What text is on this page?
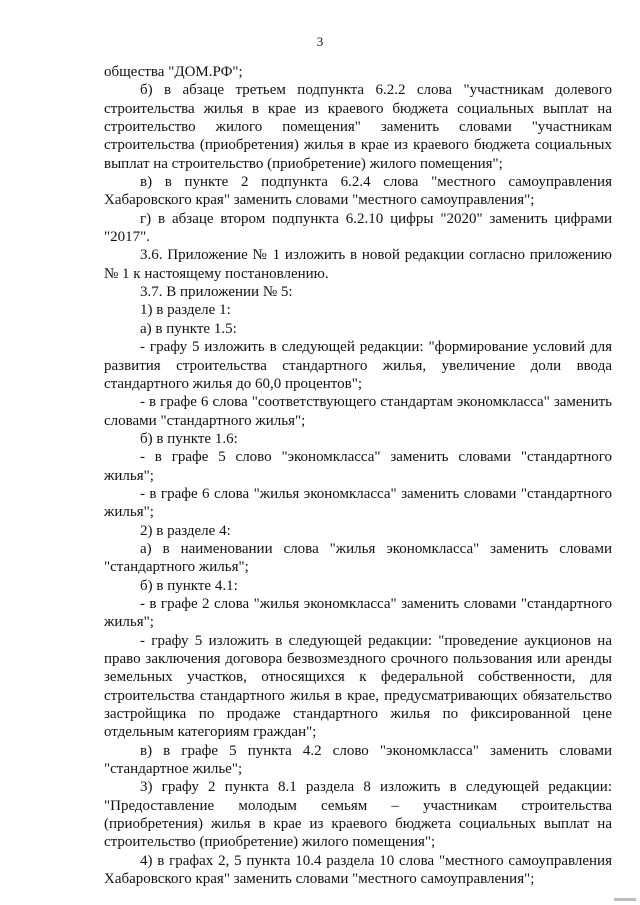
3

общества "ДОМ.РФ";

б) в абзаце третьем подпункта 6.2.2 слова "участникам долевого строительства жилья в крае из краевого бюджета социальных выплат на строительство жилого помещения" заменить словами "участникам строительства (приобретения) жилья в крае из краевого бюджета социальных выплат на строительство (приобретение) жилого помещения";

в) в пункте 2 подпункта 6.2.4 слова "местного самоуправления Хабаровского края" заменить словами "местного самоуправления";

г) в абзаце втором подпункта 6.2.10 цифры "2020" заменить цифрами "2017".

3.6. Приложение № 1 изложить в новой редакции согласно приложению № 1 к настоящему постановлению.

3.7. В приложении № 5:

1) в разделе 1:

а) в пункте 1.5:

- графу 5 изложить в следующей редакции: "формирование условий для развития строительства стандартного жилья, увеличение доли ввода стандартного жилья до 60,0 процентов";

- в графе 6 слова "соответствующего стандартам экономкласса" заменить словами "стандартного жилья";

б) в пункте 1.6:

- в графе 5 слово "экономкласса" заменить словами "стандартного жилья";

- в графе 6 слова "жилья экономкласса" заменить словами "стандартного жилья";

2) в разделе 4:

а) в наименовании слова "жилья экономкласса" заменить словами "стандартного жилья";

б) в пункте 4.1:

- в графе 2 слова "жилья экономкласса" заменить словами "стандартного жилья";

- графу 5 изложить в следующей редакции: "проведение аукционов на право заключения договора безвозмездного срочного пользования или аренды земельных участков, относящихся к федеральной собственности, для строительства стандартного жилья в крае, предусматривающих обязательство застройщика по продаже стандартного жилья по фиксированной цене отдельным категориям граждан";

в) в графе 5 пункта 4.2 слово "экономкласса" заменить словами "стандартное жилье";

3) графу 2 пункта 8.1 раздела 8 изложить в следующей редакции: "Предоставление молодым семьям – участникам строительства (приобретения) жилья в крае из краевого бюджета социальных выплат на строительство (приобретение) жилого помещения";

4) в графах 2, 5 пункта 10.4 раздела 10 слова "местного самоуправления Хабаровского края" заменить словами "местного самоуправления";
